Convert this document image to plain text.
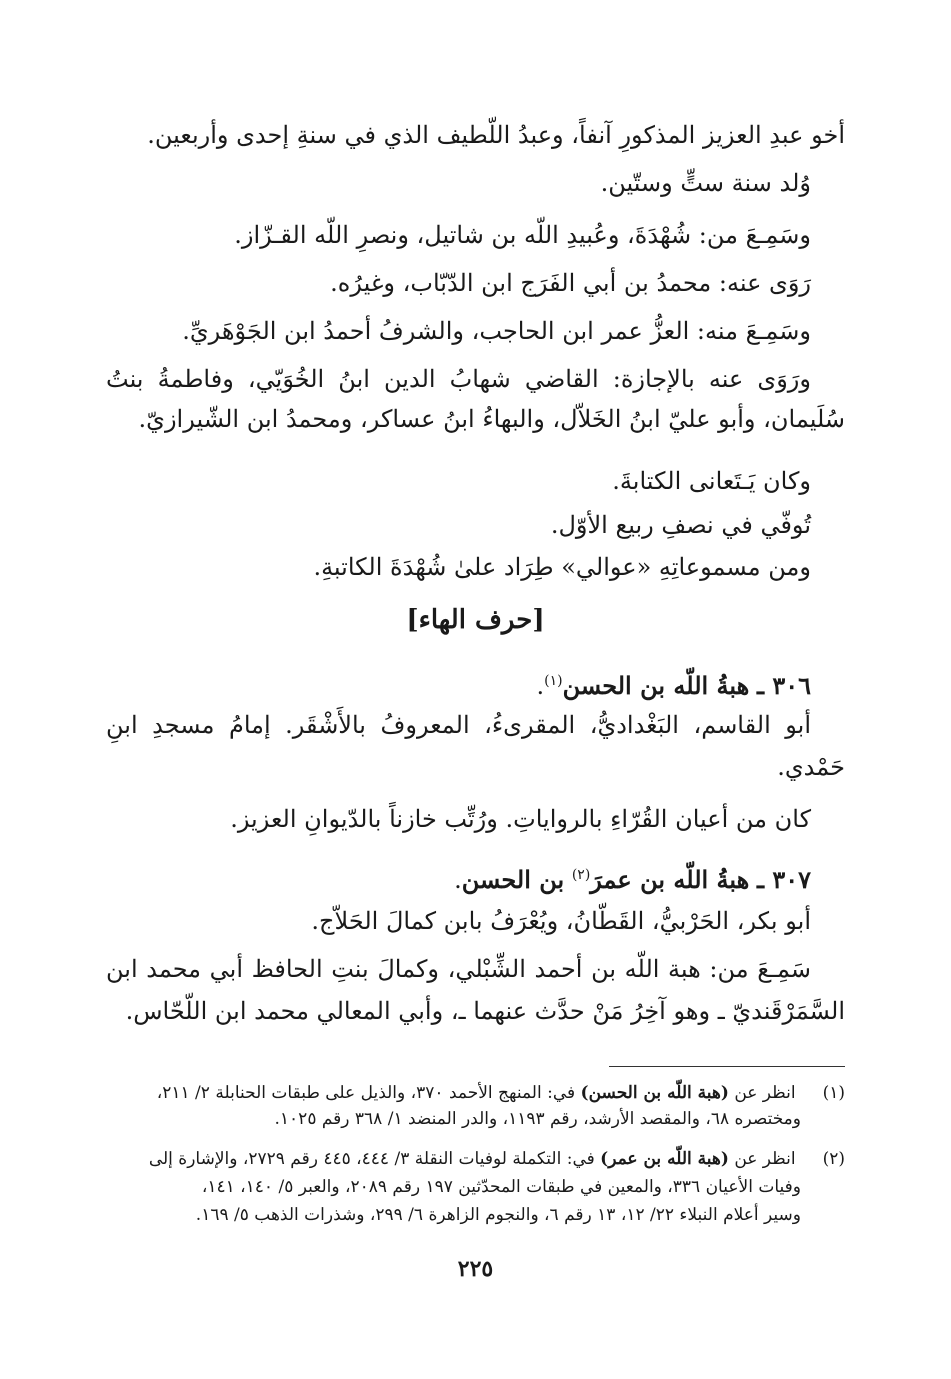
أخو عبدِ العزيز المذكورِ آنفاً، وعبدُ اللّطيف الذي في سنةِ إحدى وأربعين.
وُلد سنة ستٍّ وستّين.
وسَمِـعَ من: شُهْدَةَ، وعُبيدِ اللّه بن شاتيل، ونصرِ اللّه القـزّاز.
رَوَى عنه: محمدُ بن أبي الفَرَج ابن الدّبّاب، وغيرُه.
وسَمِـعَ منه: العزُّ عمر ابن الحاجب، والشرفُ أحمدُ ابن الجَوْهَريِّ.
ورَوَى عنه بالإجازة: القاضي شهابُ الدين ابنُ الخُوَيّي، وفاطمةُ بنتُ
سُلَيمان، وأبو عليّ ابنُ الخَلاّل، والبهاءُ ابنُ عساكر، ومحمدُ ابن الشّيرازيّ.
وكان يَـتَعانى الكتابةَ.
تُوفّي في نصفِ ربيع الأوّل.
ومن مسموعاتِهِ «عوالي» طِرَاد علىٰ شُهْدَةَ الكاتبةِ.
[حرف الهاء]
٣٠٦ ـ هبةُ اللّه بن الحسن$^{(١)}$.
أبو القاسم، البَغْداديُّ، المقرىءُ، المعروفُ بالأَشْقَر. إمامُ مسجدِ ابنِ
حَمْدي.
كان من أعيان القُرّاءِ بالرواياتِ. ورُتِّب خازناً بالدّيوانِ العزيز.
٣٠٧ ـ هبةُ اللّه بن عمرَ$^{(٢)}$ بن الحسن.
أبو بكر، الحَرْبيُّ، القَطّانُ، ويُعْرَفُ بابن كمالَ الحَلاّج.
سَمِـعَ من: هبة اللّه بن أحمد الشِّبْلي، وكمالَ بنتِ الحافظ أبي محمد ابن
السَّمَرْقَنديّ ـ وهو آخِرُ مَنْ حدَّث عنهما ـ، وأبي المعالي محمد ابن اللّحّاس.
(١) انظر عن (هبة اللّه بن الحسن) في: المنهج الأحمد ٣٧٠، والذيل على طبقات الحنابلة ٢/ ٢١١،
ومختصره ٦٨، والمقصد الأرشد، رقم ١١٩٣، والدر المنضد ١/ ٣٦٨ رقم ١٠٢٥.
(٢) انظر عن (هبة اللّه بن عمر) في: التكملة لوفيات النقلة ٣/ ٤٤٤، ٤٤٥ رقم ٢٧٢٩، والإشارة إلى
وفيات الأعيان ٣٣٦، والمعين في طبقات المحدّثين ١٩٧ رقم ٢٠٨٩، والعبر ٥/ ١٤٠، ١٤١،
وسير أعلام النبلاء ٢٢/ ١٢، ١٣ رقم ٦، والنجوم الزاهرة ٦/ ٢٩٩، وشذرات الذهب ٥/ ١٦٩.
٢٢٥
